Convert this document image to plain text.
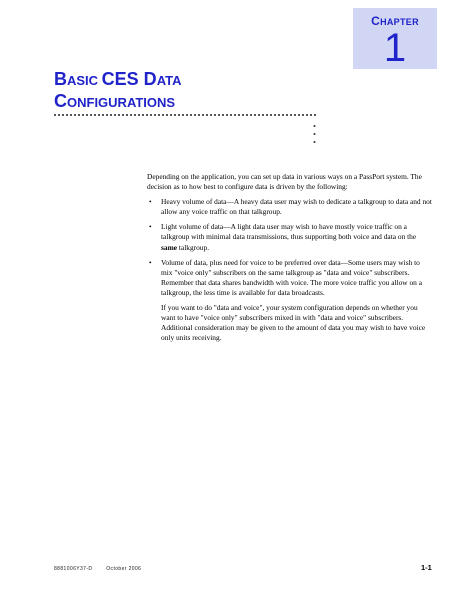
CHAPTER
1
BASIC CES DATA
CONFIGURATIONS

Depending on the application, you can set up data in various ways on a PassPort system. The decision as to how best to configure data is driven by the following:

• Heavy volume of data—A heavy data user may wish to dedicate a talkgroup to data and not allow any voice traffic on that talkgroup.
• Light volume of data—A light data user may wish to have mostly voice traffic on a talkgroup with minimal data transmissions, thus supporting both voice and data on the same talkgroup.
• Volume of data, plus need for voice to be preferred over data—Some users may wish to mix "voice only" subscribers on the same talkgroup as "data and voice" subscribers. Remember that data shares bandwidth with voice. The more voice traffic you allow on a talkgroup, the less time is available for data broadcasts.

If you want to do "data and voice", your system configuration depends on whether you want to have "voice only" subscribers mixed in with "data and voice" subscribers. Additional consideration may be given to the amount of data you may wish to have voice only units receiving.

8881006Y37-D	October 2006	1-1
